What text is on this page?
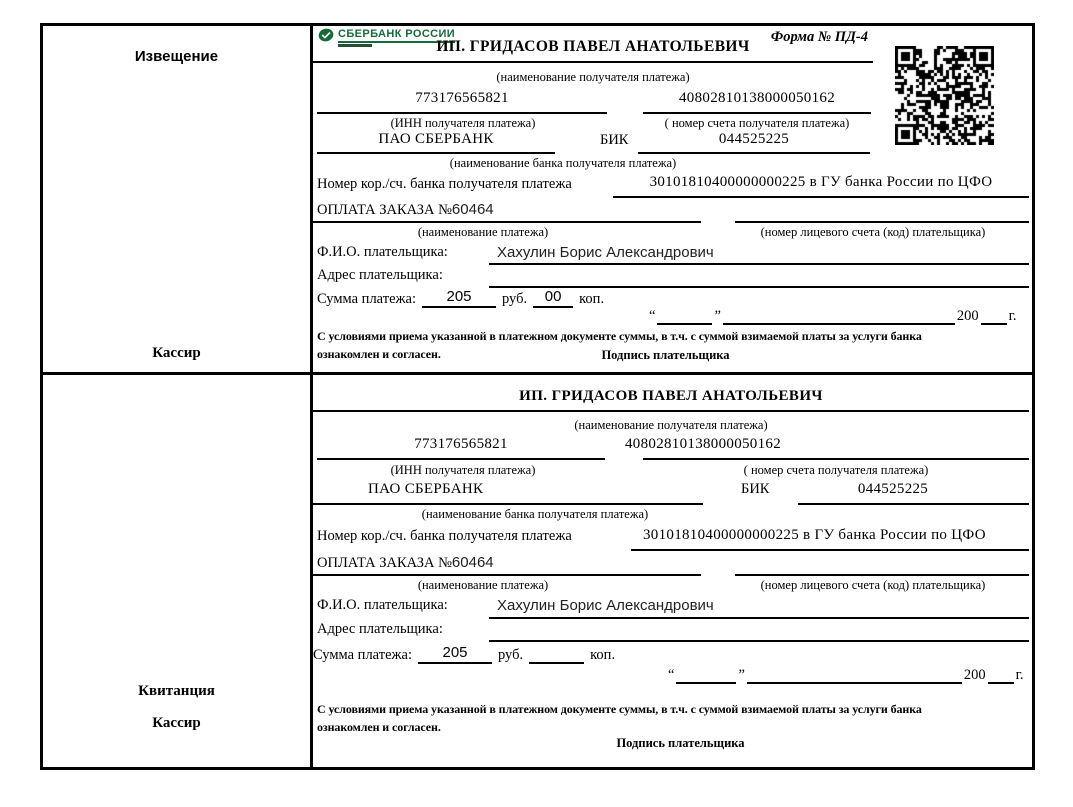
Извещение
Кассир
СБЕРБАНК РОССИИ	Форма № ПД-4
ИП. ГРИДАСОВ ПАВЕЛ АНАТОЛЬЕВИЧ
(наименование получателя платежа)
773176565821	40802810138000050162
(ИНН получателя платежа)	( номер счета получателя платежа)
ПАО СБЕРБАНК	БИК	044525225
(наименование банка получателя платежа)
Номер кор./сч. банка получателя платежа	30101810400000000225 в ГУ банка России по ЦФО
ОПЛАТА ЗАКАЗА №60464
(наименование платежа)	(номер лицевого счета (код) плательщика)
Ф.И.О. плательщика:	Хахулин Борис Александрович
Адрес плательщика:
Сумма платежа:	205	руб.	00	коп.
“	”	200 г.
С условиями приема указанной в платежном документе суммы, в т.ч. с суммой взимаемой платы за услуги банка
ознакомлен и согласен.	Подпись плательщика
Квитанция
Кассир
ИП. ГРИДАСОВ ПАВЕЛ АНАТОЛЬЕВИЧ
(наименование получателя платежа)
773176565821	40802810138000050162
(ИНН получателя платежа)	( номер счета получателя платежа)
ПАО СБЕРБАНК	БИК	044525225
(наименование банка получателя платежа)
Номер кор./сч. банка получателя платежа	30101810400000000225 в ГУ банка России по ЦФО
ОПЛАТА ЗАКАЗА №60464
(наименование платежа)	(номер лицевого счета (код) плательщика)
Ф.И.О. плательщика:	Хахулин Борис Александрович
Адрес плательщика:
Сумма платежа:	205	руб.	коп.
“	”	200 г.
С условиями приема указанной в платежном документе суммы, в т.ч. с суммой взимаемой платы за услуги банка
ознакомлен и согласен.
Подпись плательщика
